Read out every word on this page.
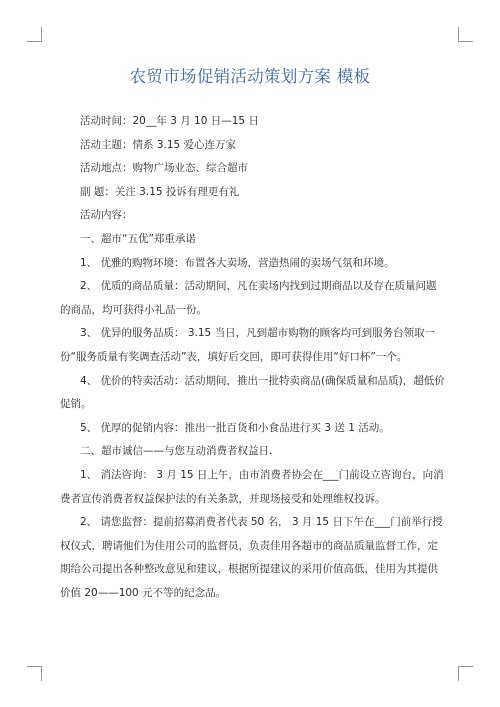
农贸市场促销活动策划方案 模板

活动时间：20__年 3 月 10 日—15 日

活动主题：情系 3.15 爱心连万家

活动地点：购物广场业态、综合超市

副 题：关注 3.15 投诉有理更有礼

活动内容：

一、超市“五优”郑重承诺

1、 优雅的购物环境：布置各大卖场，营造热闹的卖场气氛和环境。

2、 优质的商品质量：活动期间，凡在卖场内找到过期商品以及存在质量问题的商品，均可获得小礼品一份。

3、 优异的服务品质： 3.15 当日，凡到超市购物的顾客均可到服务台领取一份“服务质量有奖调查活动”表，填好后交回，即可获得佳用“好口杯”一个。

4、 优价的特卖活动：活动期间，推出一批特卖商品(确保质量和品质)，超低价促销。

5、 优厚的促销内容：推出一批百货和小食品进行买 3 送 1 活动。

二、超市诚信——与您互动消费者权益日.

1、 消法咨询： 3 月 15 日上午，由市消费者协会在___门前设立咨询台，向消费者宣传消费者权益保护法的有关条款，并现场接受和处理维权投诉。

2、 请您监督：提前招募消费者代表 50 名， 3 月 15 日下午在___门前举行授权仪式，聘请他们为佳用公司的监督员，负责佳用各超市的商品质量监督工作，定期给公司提出各种整改意见和建议，根据所提建议的采用价值高低，佳用为其提供价值 20——100 元不等的纪念品。
